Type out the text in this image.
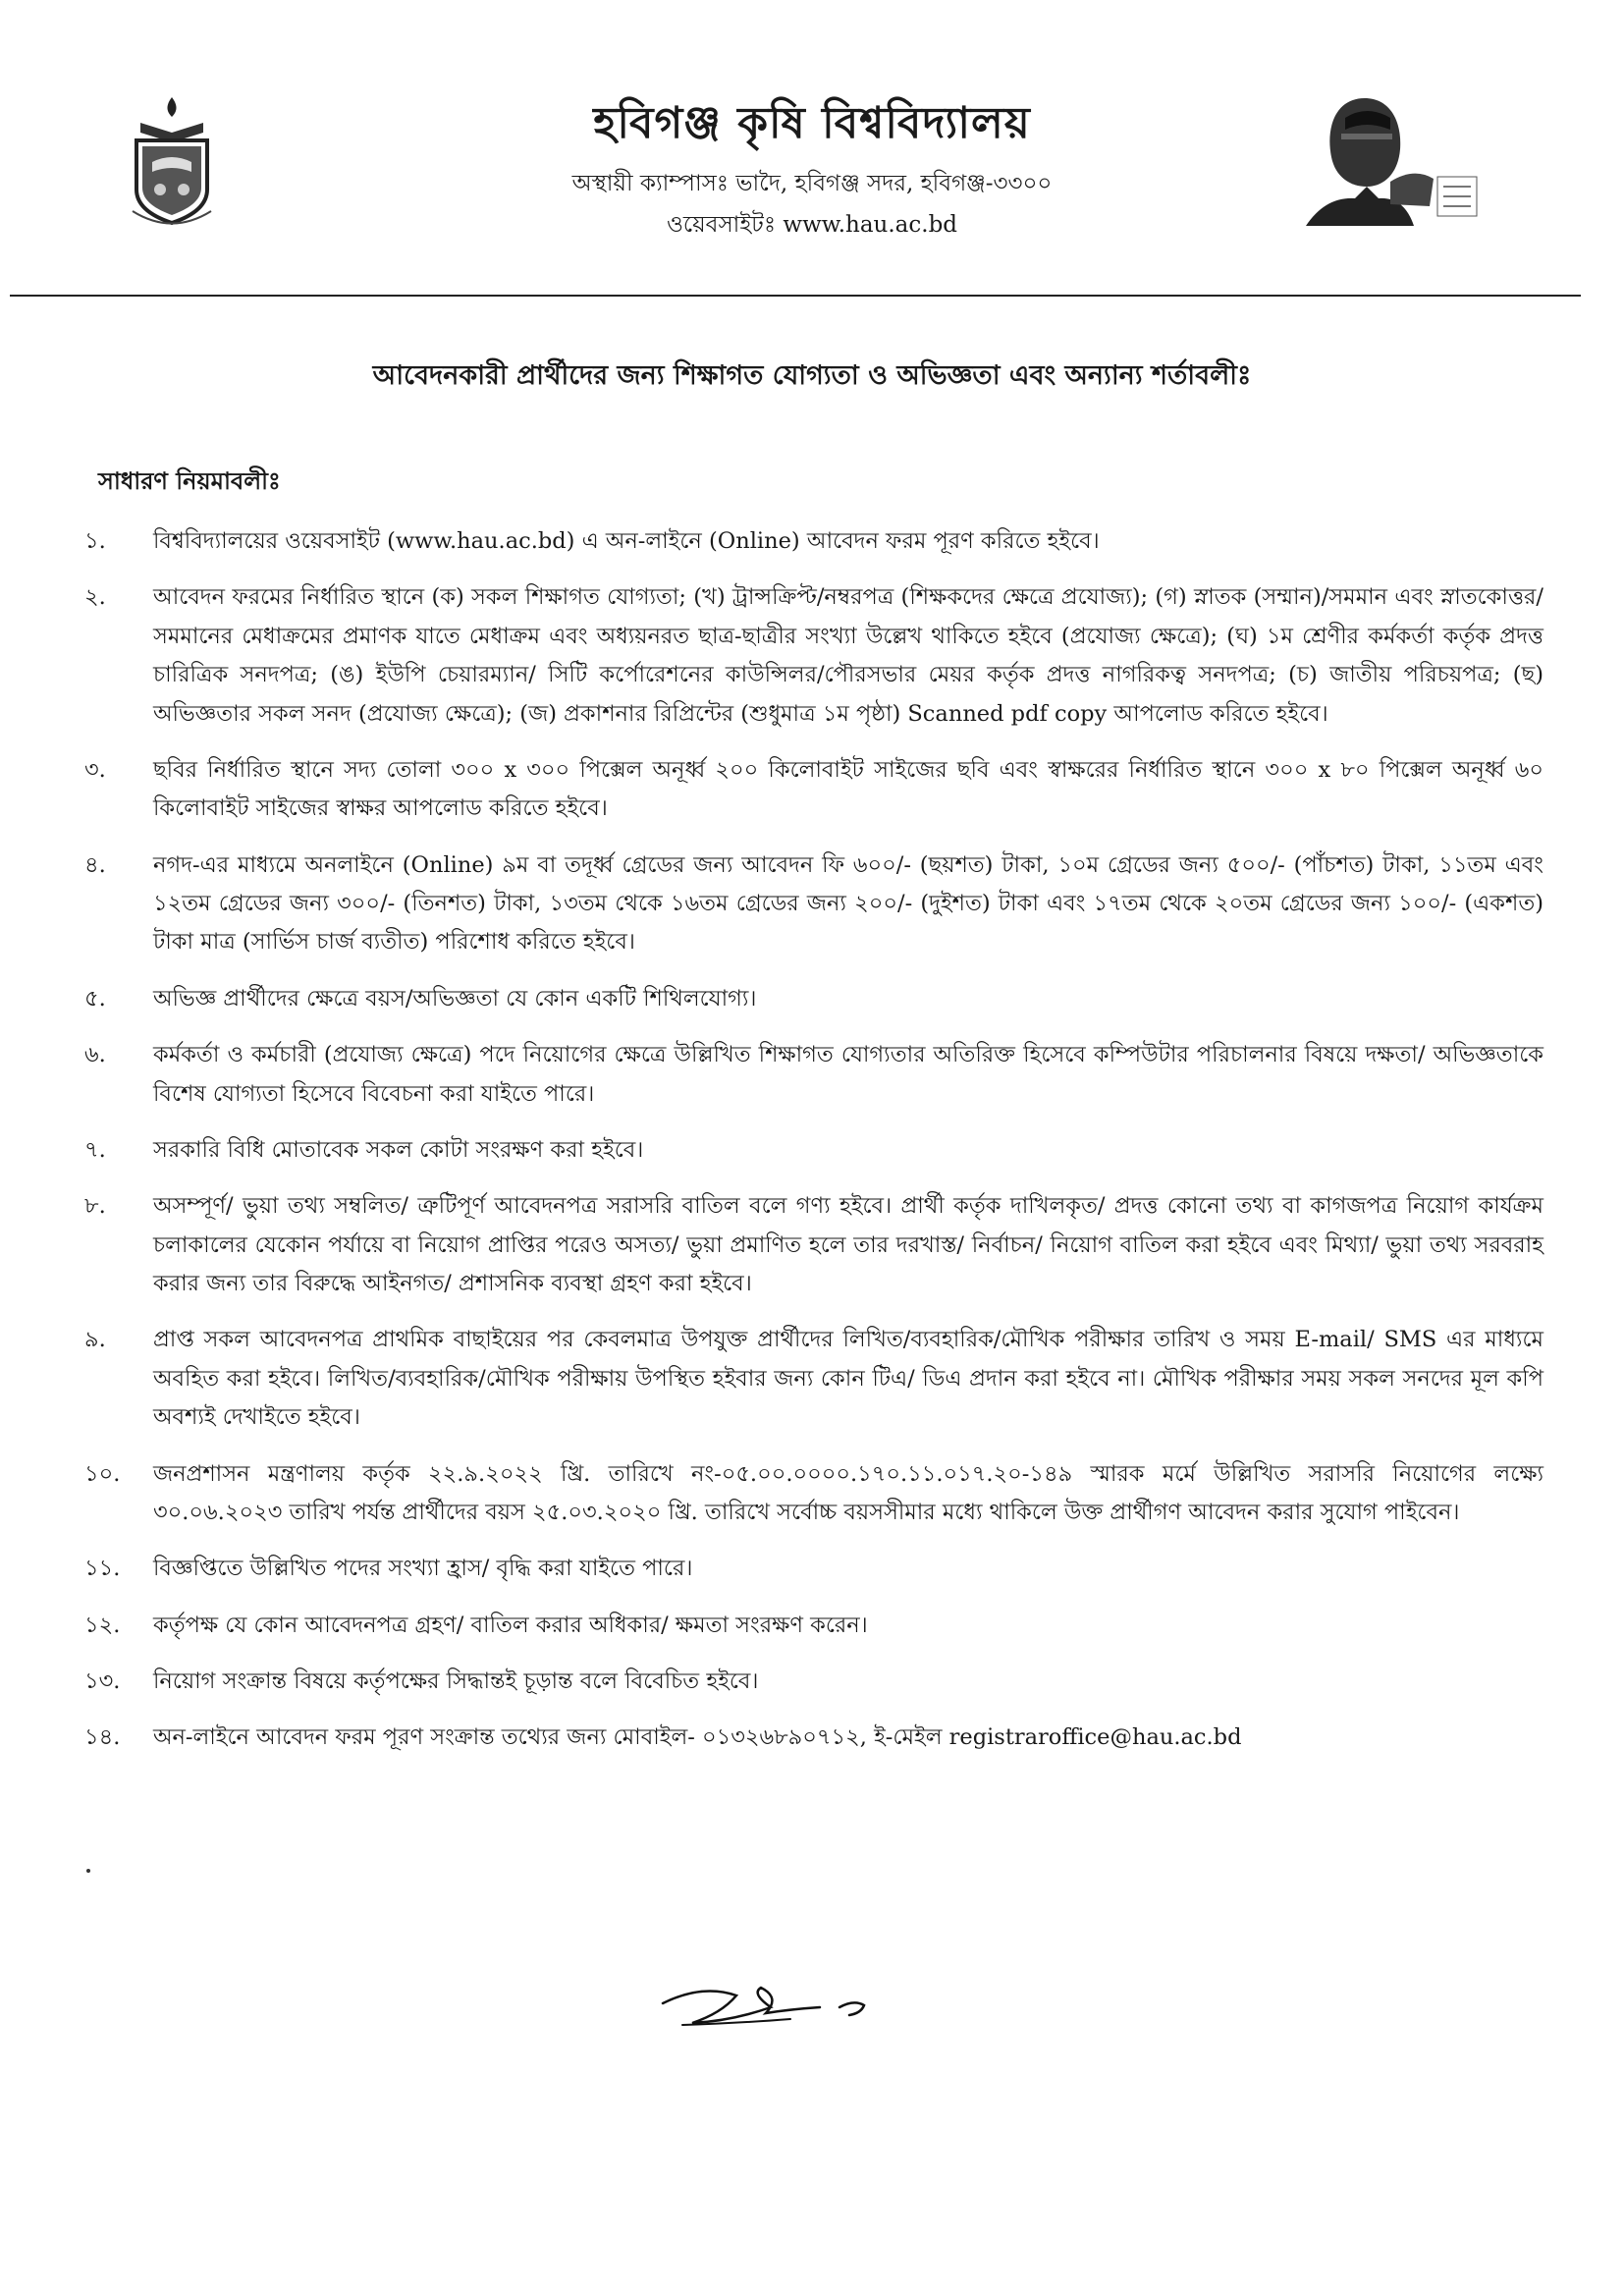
হবিগঞ্জ কৃষি বিশ্ববিদ্যালয়
অস্থায়ী ক্যাম্পাসঃ ভাদৈ, হবিগঞ্জ সদর, হবিগঞ্জ-৩৩০০
ওয়েবসাইটঃ www.hau.ac.bd
আবেদনকারী প্রার্থীদের জন্য শিক্ষাগত যোগ্যতা ও অভিজ্ঞতা এবং অন্যান্য শর্তাবলীঃ
সাধারণ নিয়মাবলীঃ
১.	বিশ্ববিদ্যালয়ের ওয়েবসাইট (www.hau.ac.bd) এ অন-লাইনে (Online) আবেদন ফরম পূরণ করিতে হইবে।
২.	আবেদন ফরমের নির্ধারিত স্থানে (ক) সকল শিক্ষাগত যোগ্যতা; (খ) ট্রান্সক্রিপ্ট/নম্বরপত্র (শিক্ষকদের ক্ষেত্রে প্রযোজ্য); (গ) স্নাতক (সম্মান)/সমমান এবং স্নাতকোত্তর/সমমানের মেধাক্রমের প্রমাণক যাতে মেধাক্রম এবং অধ্যয়নরত ছাত্র-ছাত্রীর সংখ্যা উল্লেখ থাকিতে হইবে (প্রযোজ্য ক্ষেত্রে); (ঘ) ১ম শ্রেণীর কর্মকর্তা কর্তৃক প্রদত্ত চারিত্রিক সনদপত্র; (ঙ) ইউপি চেয়ারম্যান/ সিটি কর্পোরেশনের কাউন্সিলর/পৌরসভার মেয়র কর্তৃক প্রদত্ত নাগরিকত্ব সনদপত্র; (চ) জাতীয় পরিচয়পত্র; (ছ) অভিজ্ঞতার সকল সনদ (প্রযোজ্য ক্ষেত্রে); (জ) প্রকাশনার রিপ্রিন্টের (শুধুমাত্র ১ম পৃষ্ঠা) Scanned pdf copy আপলোড করিতে হইবে।
৩.	ছবির নির্ধারিত স্থানে সদ্য তোলা ৩০০ x ৩০০ পিক্সেল অনূর্ধ্ব ২০০ কিলোবাইট সাইজের ছবি এবং স্বাক্ষরের নির্ধারিত স্থানে ৩০০ x ৮০ পিক্সেল অনূর্ধ্ব ৬০ কিলোবাইট সাইজের স্বাক্ষর আপলোড করিতে হইবে।
৪.	নগদ-এর মাধ্যমে অনলাইনে (Online) ৯ম বা তদূর্ধ্ব গ্রেডের জন্য আবেদন ফি ৬০০/- (ছয়শত) টাকা, ১০ম গ্রেডের জন্য ৫০০/- (পাঁচশত) টাকা, ১১তম এবং ১২তম গ্রেডের জন্য ৩০০/- (তিনশত) টাকা, ১৩তম থেকে ১৬তম গ্রেডের জন্য ২০০/- (দুইশত) টাকা এবং ১৭তম থেকে ২০তম গ্রেডের জন্য ১০০/- (একশত) টাকা মাত্র (সার্ভিস চার্জ ব্যতীত) পরিশোধ করিতে হইবে।
৫.	অভিজ্ঞ প্রার্থীদের ক্ষেত্রে বয়স/অভিজ্ঞতা যে কোন একটি শিথিলযোগ্য।
৬.	কর্মকর্তা ও কর্মচারী (প্রযোজ্য ক্ষেত্রে) পদে নিয়োগের ক্ষেত্রে উল্লিখিত শিক্ষাগত যোগ্যতার অতিরিক্ত হিসেবে কম্পিউটার পরিচালনার বিষয়ে দক্ষতা/ অভিজ্ঞতাকে বিশেষ যোগ্যতা হিসেবে বিবেচনা করা যাইতে পারে।
৭.	সরকারি বিধি মোতাবেক সকল কোটা সংরক্ষণ করা হইবে।
৮.	অসম্পূর্ণ/ ভুয়া তথ্য সম্বলিত/ ত্রুটিপূর্ণ আবেদনপত্র সরাসরি বাতিল বলে গণ্য হইবে। প্রার্থী কর্তৃক দাখিলকৃত/ প্রদত্ত কোনো তথ্য বা কাগজপত্র নিয়োগ কার্যক্রম চলাকালের যেকোন পর্যায়ে বা নিয়োগ প্রাপ্তির পরেও অসত্য/ ভুয়া প্রমাণিত হলে তার দরখাস্ত/ নির্বাচন/ নিয়োগ বাতিল করা হইবে এবং মিথ্যা/ ভুয়া তথ্য সরবরাহ করার জন্য তার বিরুদ্ধে আইনগত/ প্রশাসনিক ব্যবস্থা গ্রহণ করা হইবে।
৯.	প্রাপ্ত সকল আবেদনপত্র প্রাথমিক বাছাইয়ের পর কেবলমাত্র উপযুক্ত প্রার্থীদের লিখিত/ব্যবহারিক/মৌখিক পরীক্ষার তারিখ ও সময় E-mail/ SMS এর মাধ্যমে অবহিত করা হইবে। লিখিত/ব্যবহারিক/মৌখিক পরীক্ষায় উপস্থিত হইবার জন্য কোন টিএ/ ডিএ প্রদান করা হইবে না। মৌখিক পরীক্ষার সময় সকল সনদের মূল কপি অবশ্যই দেখাইতে হইবে।
১০.	জনপ্রশাসন মন্ত্রণালয় কর্তৃক ২২.৯.২০২২ খ্রি. তারিখে নং-০৫.০০.০০০০.১৭০.১১.০১৭.২০-১৪৯ স্মারক মর্মে উল্লিখিত সরাসরি নিয়োগের লক্ষ্যে ৩০.০৬.২০২৩ তারিখ পর্যন্ত প্রার্থীদের বয়স ২৫.০৩.২০২০ খ্রি. তারিখে সর্বোচ্চ বয়সসীমার মধ্যে থাকিলে উক্ত প্রার্থীগণ আবেদন করার সুযোগ পাইবেন।
১১.	বিজ্ঞপ্তিতে উল্লিখিত পদের সংখ্যা হ্রাস/ বৃদ্ধি করা যাইতে পারে।
১২.	কর্তৃপক্ষ যে কোন আবেদনপত্র গ্রহণ/ বাতিল করার অধিকার/ ক্ষমতা সংরক্ষণ করেন।
১৩.	নিয়োগ সংক্রান্ত বিষয়ে কর্তৃপক্ষের সিদ্ধান্তই চূড়ান্ত বলে বিবেচিত হইবে।
১৪.	অন-লাইনে আবেদন ফরম পূরণ সংক্রান্ত তথ্যের জন্য মোবাইল- ০১৩২৬৮৯০৭১২, ই-মেইল registraroffice@hau.ac.bd
